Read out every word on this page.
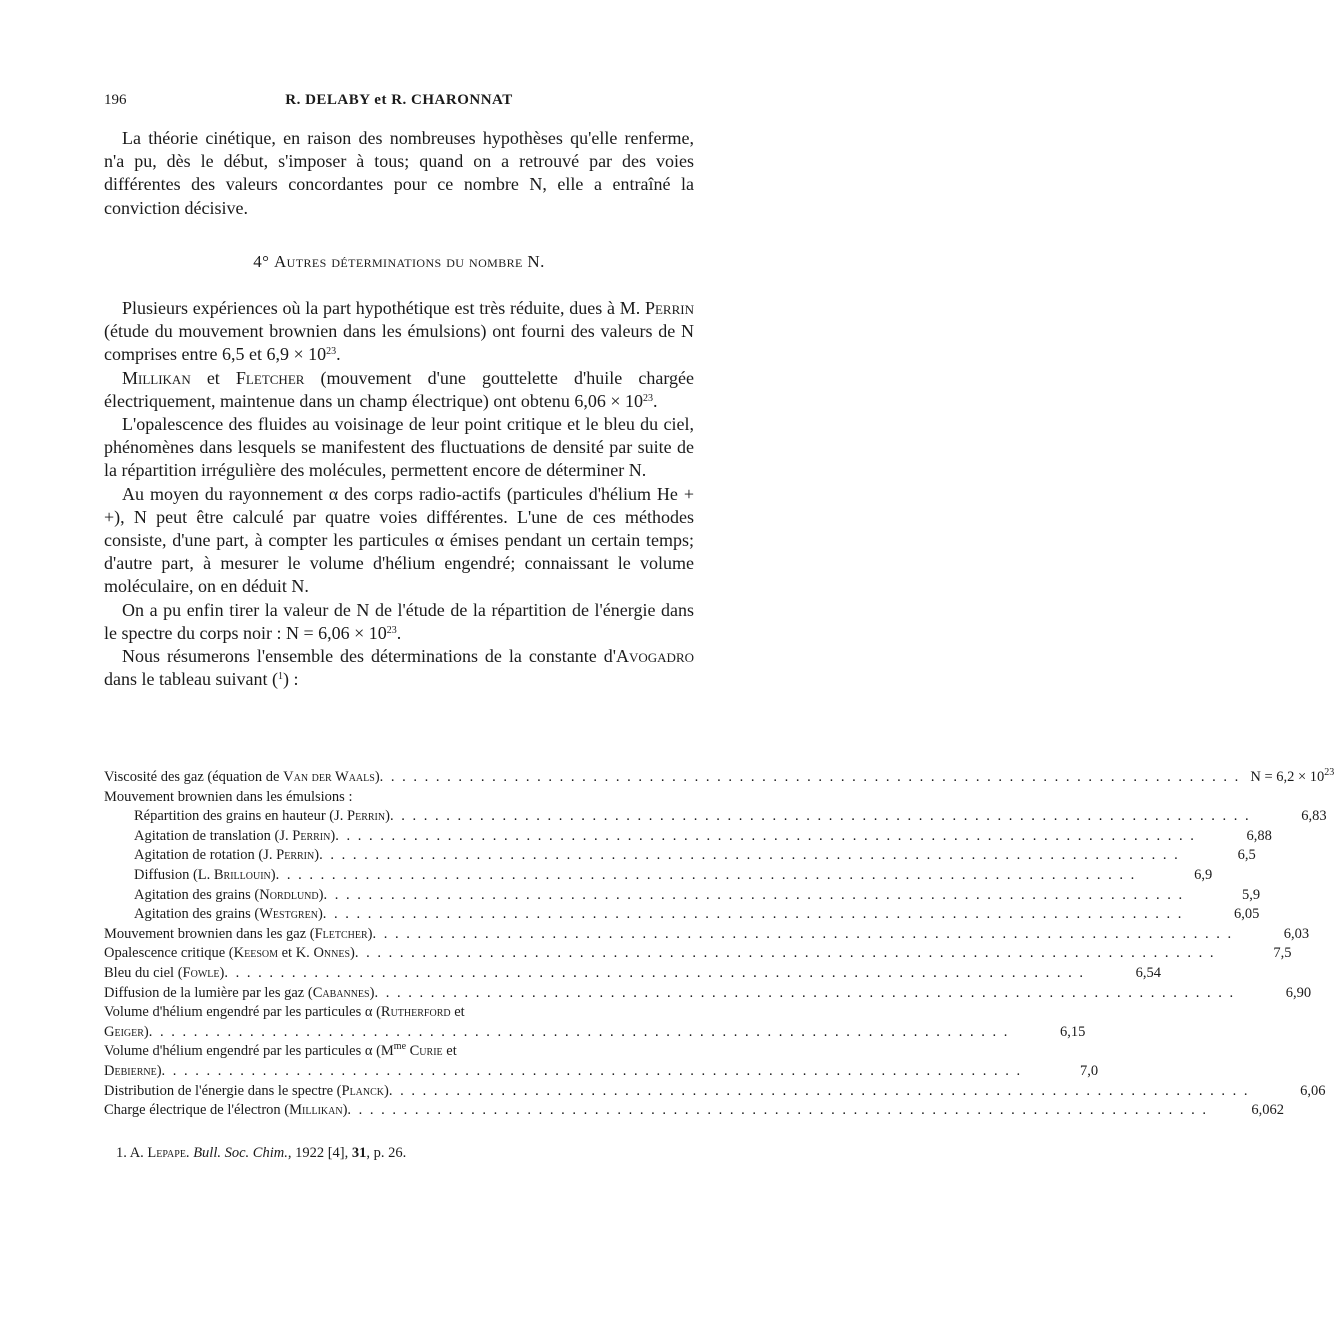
196	R. DELABY et R. CHARONNAT

La théorie cinétique, en raison des nombreuses hypothèses qu'elle renferme, n'a pu, dès le début, s'imposer à tous; quand on a retrouvé par des voies différentes des valeurs concordantes pour ce nombre N, elle a entraîné la conviction décisive.

4° Autres déterminations du nombre N.

Plusieurs expériences où la part hypothétique est très réduite, dues à M. Perrin (étude du mouvement brownien dans les émulsions) ont fourni des valeurs de N comprises entre 6,5 et $6,9 \times 10^{23}$.

Millikan et Fletcher (mouvement d'une gouttelette d'huile chargée électriquement, maintenue dans un champ électrique) ont obtenu $6,06 \times 10^{23}$.

L'opalescence des fluides au voisinage de leur point critique et le bleu du ciel, phénomènes dans lesquels se manifestent des fluctuations de densité par suite de la répartition irrégulière des molécules, permettent encore de déterminer N.

Au moyen du rayonnement α des corps radio-actifs (particules d'hélium He + +), N peut être calculé par quatre voies différentes. L'une de ces méthodes consiste, d'une part, à compter les particules α émises pendant un certain temps; d'autre part, à mesurer le volume d'hélium engendré; connaissant le volume moléculaire, on en déduit N.

On a pu enfin tirer la valeur de N de l'étude de la répartition de l'énergie dans le spectre du corps noir : $N = 6,06 \times 10^{23}$.

Nous résumerons l'ensemble des déterminations de la constante d'Avogadro dans le tableau suivant ($^1$) :

Viscosité des gaz (équation de Van der Waals) . . .	$N = 6,2 \times 10^{23}$
Mouvement brownien dans les émulsions :
Répartition des grains en hauteur (J. Perrin) . . .	6,83
Agitation de translation (J. Perrin) . . .	6,88
Agitation de rotation (J. Perrin) . . .	6,5
Diffusion (L. Brillouin) . . .	6,9
Agitation des grains (Nordlund) . . .	5,9
Agitation des grains (Westgren) . . .	6,05
Mouvement brownien dans les gaz (Fletcher) . . .	6,03
Opalescence critique (Keesom et K. Onnes) . . .	7,5
Bleu du ciel (Fowle) . . .	6,54
Diffusion de la lumière par les gaz (Cabannes) . . .	6,90
Volume d'hélium engendré par les particules α (Rutherford et
Geiger) . . .	6,15
Volume d'hélium engendré par les particules α ($M^{me}$ Curie et
Debierne) . . .	7,0
Distribution de l'énergie dans le spectre (Planck) . . .	6,06
Charge électrique de l'électron (Millikan) . . .	6,062
1. A. Lepape. Bull. Soc. Chim., 1922 [4], 31, p. 26.
